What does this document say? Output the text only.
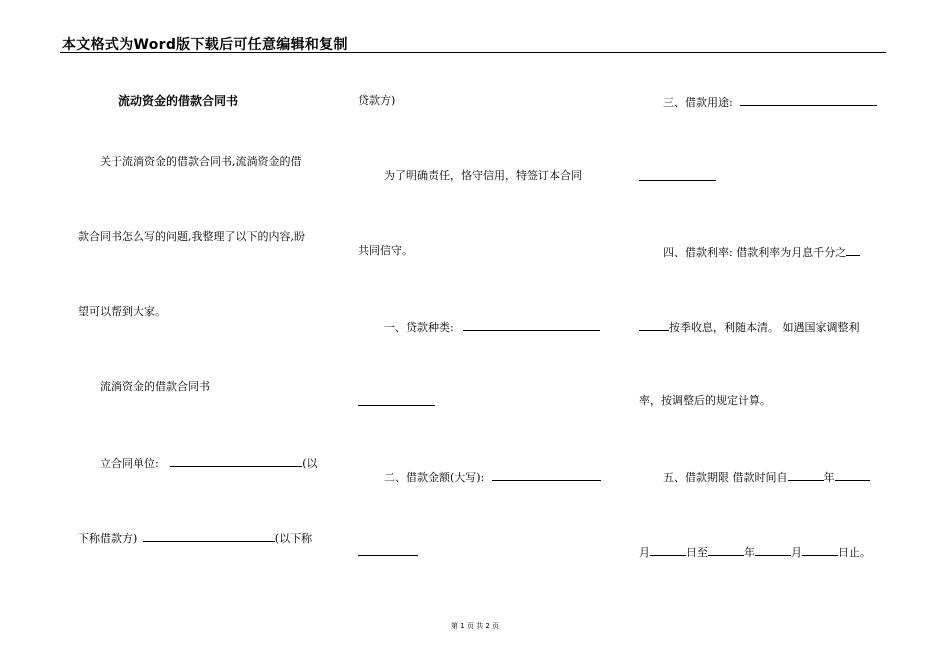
本文格式为Word版下载后可任意编辑和复制
流动资金的借款合同书
关于流淌资金的借款合同书,流淌资金的借
款合同书怎么写的问题,我整理了以下的内容,盼
望可以帮到大家。
流淌资金的借款合同书
立合同单位:	(以
下称借款方)	(以下称
贷款方)
为了明确责任，恪守信用，特签订本合同
共同信守。
一、贷款种类:
二、借款金额(大写):
三、借款用途:
四、借款利率: 借款利率为月息千分之
按季收息，利随本清。 如遇国家调整利
率，按调整后的规定计算。
五、借款期限 借款时间自	年
月	日至	年	月	日止。
第 1 页 共 2 页
